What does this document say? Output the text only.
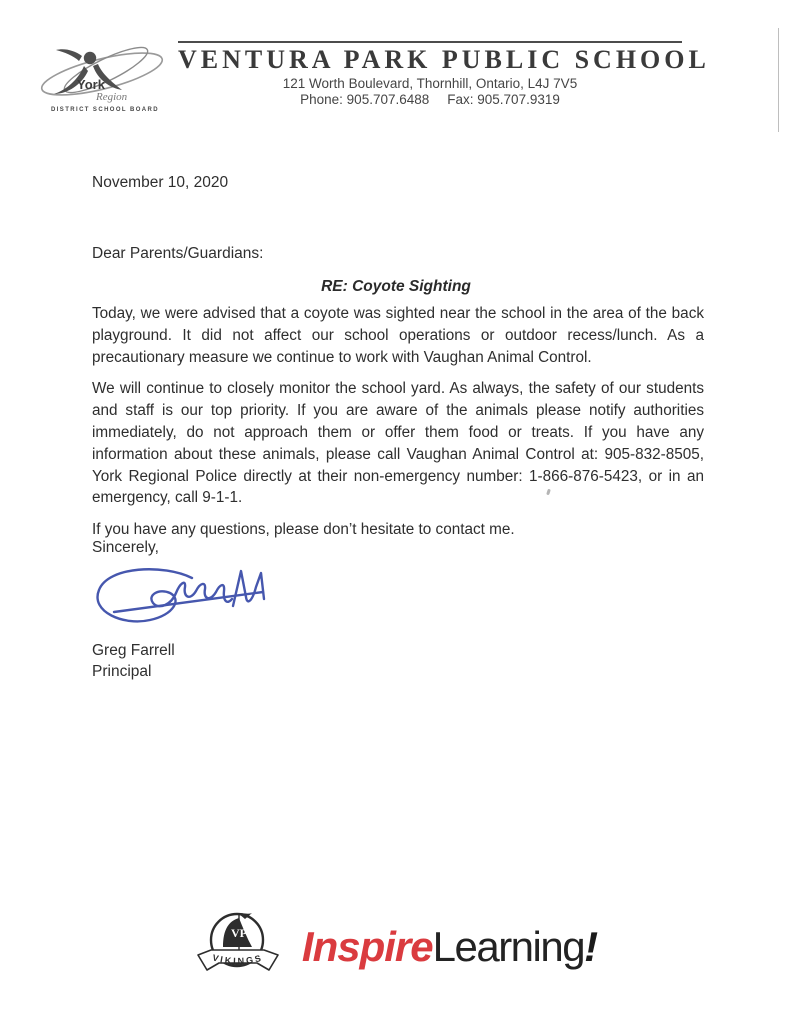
York
Region
DISTRICT SCHOOL BOARD
VENTURA PARK PUBLIC SCHOOL
121 Worth Boulevard, Thornhill, Ontario, L4J 7V5
Phone: 905.707.6488 Fax: 905.707.9319
November 10, 2020
Dear Parents/Guardians:
RE: Coyote Sighting

Today, we were advised that a coyote was sighted near the school in the area of the back playground. It did not affect our school operations or outdoor recess/lunch. As a precautionary measure we continue to work with Vaughan Animal Control.

We will continue to closely monitor the school yard. As always, the safety of our students and staff is our top priority. If you are aware of the animals please notify authorities immediately, do not approach them or offer them food or treats. If you have any information about these animals, please call Vaughan Animal Control at: 905-832-8505, York Regional Police directly at their non-emergency number: 1-866-876-5423, or in an emergency, call 9-1-1.

If you have any questions, please don’t hesitate to contact me.

Sincerely,
Greg Farrell
Principal
VP
VIKINGS InspireLearning!
